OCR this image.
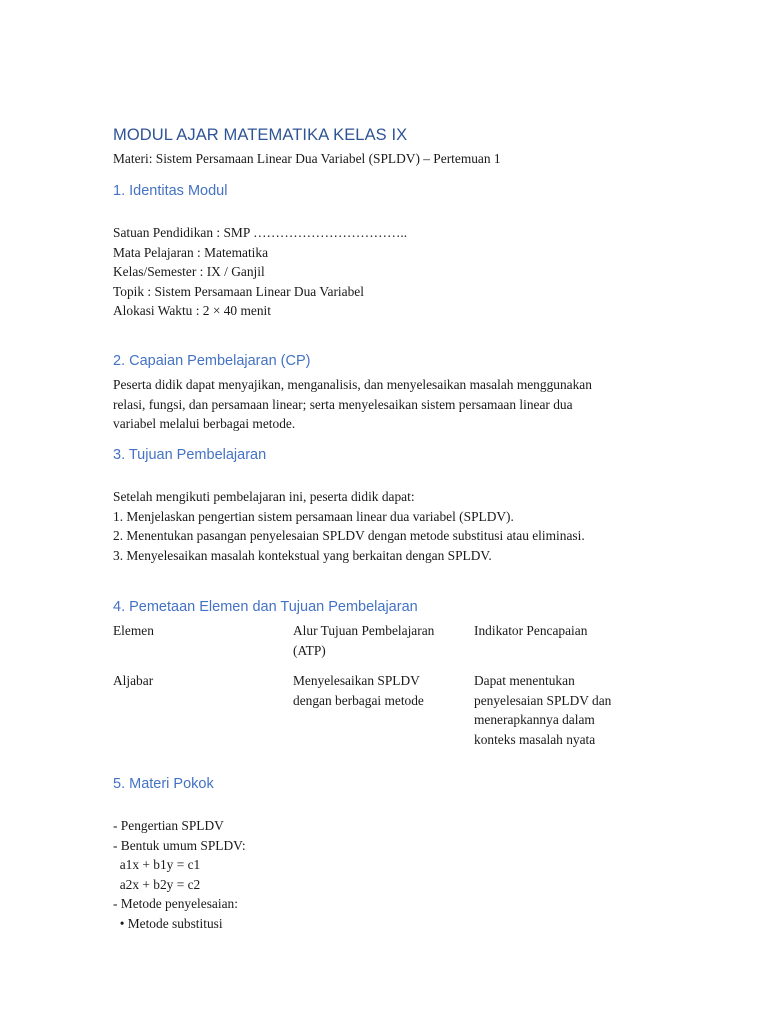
MODUL AJAR MATEMATIKA KELAS IX
Materi: Sistem Persamaan Linear Dua Variabel (SPLDV) – Pertemuan 1
1. Identitas Modul
Satuan Pendidikan : SMP ……………………………..
Mata Pelajaran : Matematika
Kelas/Semester : IX / Ganjil
Topik : Sistem Persamaan Linear Dua Variabel
Alokasi Waktu : 2 × 40 menit
2. Capaian Pembelajaran (CP)
Peserta didik dapat menyajikan, menganalisis, dan menyelesaikan masalah menggunakan
relasi, fungsi, dan persamaan linear; serta menyelesaikan sistem persamaan linear dua
variabel melalui berbagai metode.
3. Tujuan Pembelajaran
Setelah mengikuti pembelajaran ini, peserta didik dapat:
1. Menjelaskan pengertian sistem persamaan linear dua variabel (SPLDV).
2. Menentukan pasangan penyelesaian SPLDV dengan metode substitusi atau eliminasi.
3. Menyelesaikan masalah kontekstual yang berkaitan dengan SPLDV.
4. Pemetaan Elemen dan Tujuan Pembelajaran
Elemen	Alur Tujuan Pembelajaran
(ATP)
Indikator Pencapaian
Aljabar	Menyelesaikan SPLDV
dengan berbagai metode
Dapat menentukan
penyelesaian SPLDV dan
menerapkannya dalam
konteks masalah nyata
5. Materi Pokok
- Pengertian SPLDV
- Bentuk umum SPLDV:
a1x + b1y = c1
a2x + b2y = c2
- Metode penyelesaian:
• Metode substitusi
